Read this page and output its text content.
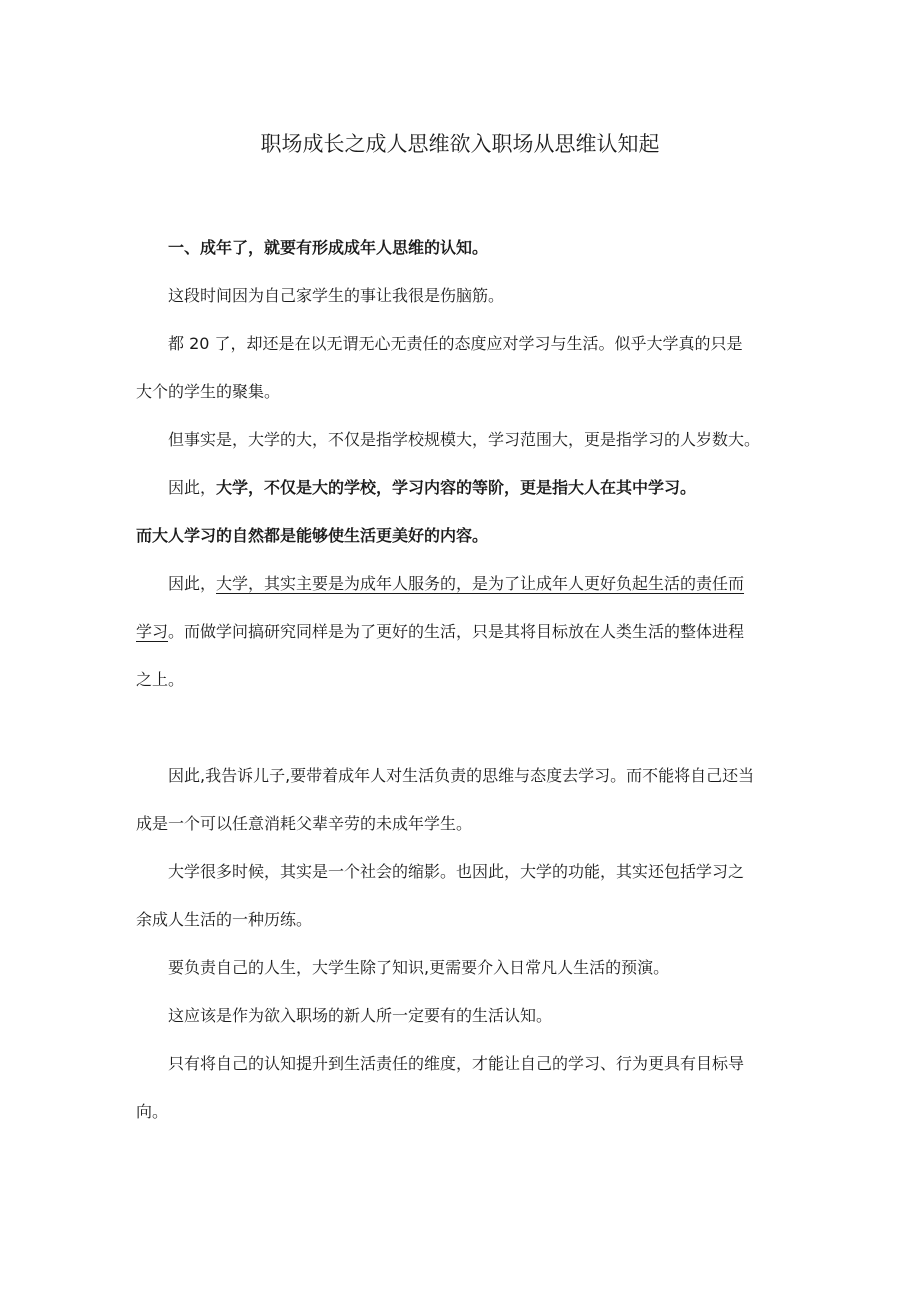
职场成长之成人思维欲入职场从思维认知起

一、成年了，就要有形成成年人思维的认知。

这段时间因为自己家学生的事让我很是伤脑筋。

都 20 了，却还是在以无谓无心无责任的态度应对学习与生活。似乎大学真的只是

大个的学生的聚集。

但事实是，大学的大，不仅是指学校规模大，学习范围大，更是指学习的人岁数大。

因此，大学，不仅是大的学校，学习内容的等阶，更是指大人在其中学习。

而大人学习的自然都是能够使生活更美好的内容。

因此，大学，其实主要是为成年人服务的，是为了让成年人更好负起生活的责任而

学习。而做学问搞研究同样是为了更好的生活，只是其将目标放在人类生活的整体进程

之上。

因此,我告诉儿子,要带着成年人对生活负责的思维与态度去学习。而不能将自己还当

成是一个可以任意消耗父辈辛劳的未成年学生。

大学很多时候，其实是一个社会的缩影。也因此，大学的功能，其实还包括学习之

余成人生活的一种历练。

要负责自己的人生，大学生除了知识,更需要介入日常凡人生活的预演。

这应该是作为欲入职场的新人所一定要有的生活认知。

只有将自己的认知提升到生活责任的维度，才能让自己的学习、行为更具有目标导

向。
